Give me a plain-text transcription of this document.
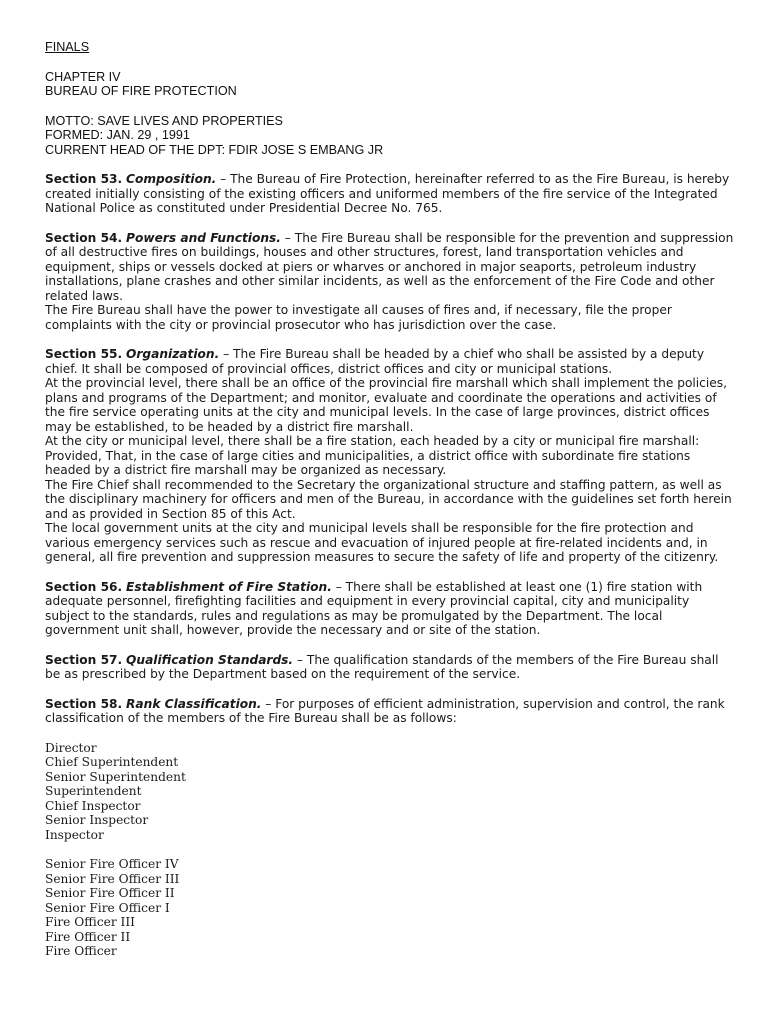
FINALS
CHAPTER IV
BUREAU OF FIRE PROTECTION
MOTTO: SAVE LIVES AND PROPERTIES
FORMED: JAN. 29 , 1991
CURRENT HEAD OF THE DPT: FDIR JOSE S EMBANG JR
Section 53. Composition. – The Bureau of Fire Protection, hereinafter referred to as the Fire Bureau, is hereby created initially consisting of the existing officers and uniformed members of the fire service of the Integrated National Police as constituted under Presidential Decree No. 765.
Section 54. Powers and Functions. – The Fire Bureau shall be responsible for the prevention and suppression of all destructive fires on buildings, houses and other structures, forest, land transportation vehicles and equipment, ships or vessels docked at piers or wharves or anchored in major seaports, petroleum industry installations, plane crashes and other similar incidents, as well as the enforcement of the Fire Code and other related laws.
The Fire Bureau shall have the power to investigate all causes of fires and, if necessary, file the proper complaints with the city or provincial prosecutor who has jurisdiction over the case.
Section 55. Organization. – The Fire Bureau shall be headed by a chief who shall be assisted by a deputy chief. It shall be composed of provincial offices, district offices and city or municipal stations.
At the provincial level, there shall be an office of the provincial fire marshall which shall implement the policies, plans and programs of the Department; and monitor, evaluate and coordinate the operations and activities of the fire service operating units at the city and municipal levels. In the case of large provinces, district offices may be established, to be headed by a district fire marshall.
At the city or municipal level, there shall be a fire station, each headed by a city or municipal fire marshall: Provided, That, in the case of large cities and municipalities, a district office with subordinate fire stations headed by a district fire marshall may be organized as necessary.
The Fire Chief shall recommended to the Secretary the organizational structure and staffing pattern, as well as the disciplinary machinery for officers and men of the Bureau, in accordance with the guidelines set forth herein and as provided in Section 85 of this Act.
The local government units at the city and municipal levels shall be responsible for the fire protection and various emergency services such as rescue and evacuation of injured people at fire-related incidents and, in general, all fire prevention and suppression measures to secure the safety of life and property of the citizenry.
Section 56. Establishment of Fire Station. – There shall be established at least one (1) fire station with adequate personnel, firefighting facilities and equipment in every provincial capital, city and municipality subject to the standards, rules and regulations as may be promulgated by the Department. The local government unit shall, however, provide the necessary and or site of the station.
Section 57. Qualification Standards. – The qualification standards of the members of the Fire Bureau shall be as prescribed by the Department based on the requirement of the service.
Section 58. Rank Classification. – For purposes of efficient administration, supervision and control, the rank classification of the members of the Fire Bureau shall be as follows:
Director
Chief Superintendent
Senior Superintendent
Superintendent
Chief Inspector
Senior Inspector
Inspector
Senior Fire Officer IV
Senior Fire Officer III
Senior Fire Officer II
Senior Fire Officer I
Fire Officer III
Fire Officer II
Fire Officer
